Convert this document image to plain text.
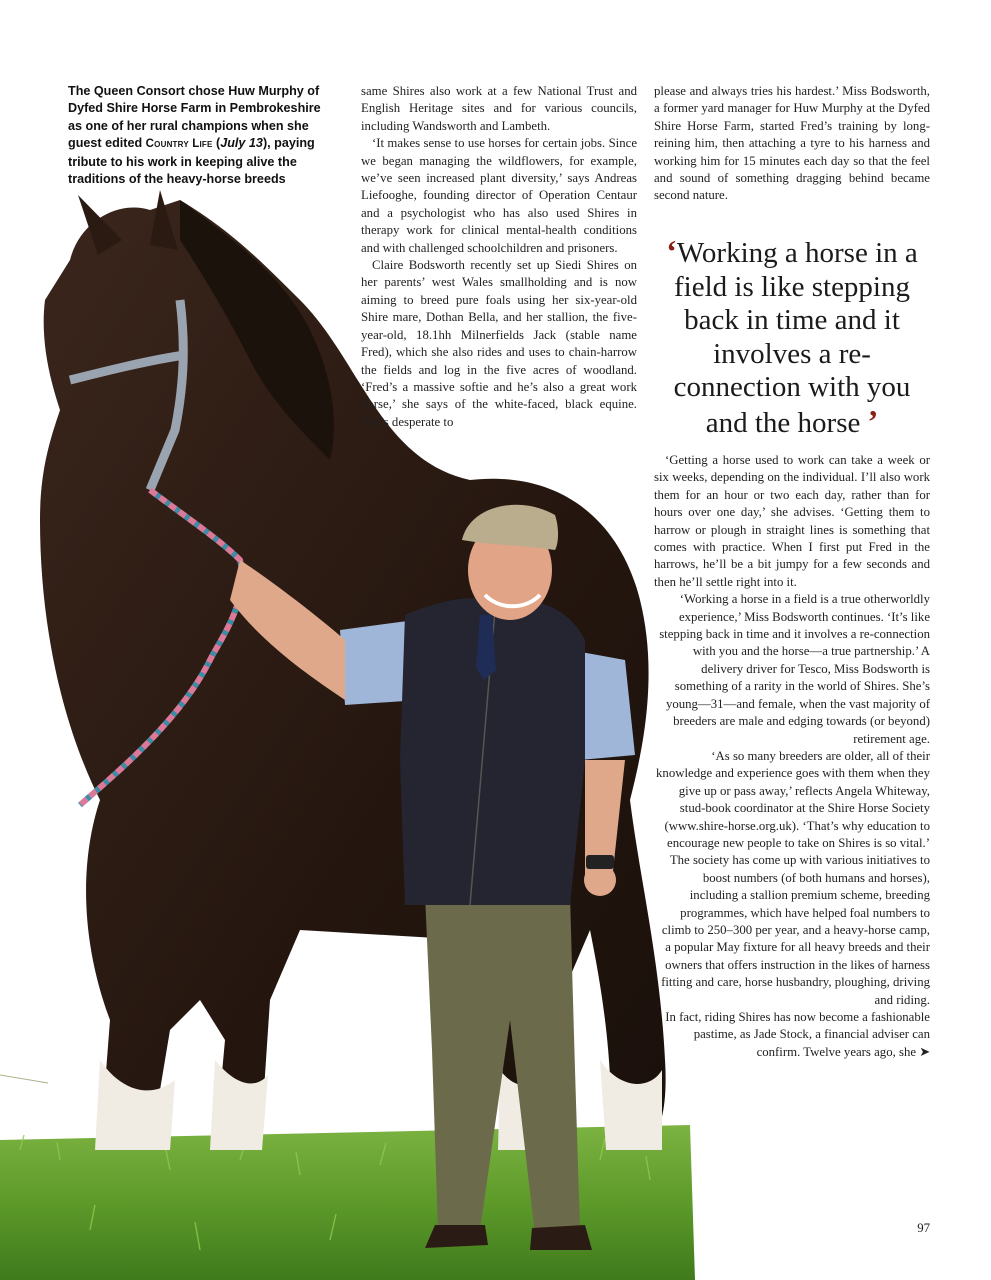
The Queen Consort chose Huw Murphy of Dyfed Shire Horse Farm in Pembrokeshire as one of her rural champions when she guest edited Country Life (July 13), paying tribute to his work in keeping alive the traditions of the heavy-horse breeds

same Shires also work at a few National Trust and English Heritage sites and for various councils, including Wandsworth and Lambeth.

‘It makes sense to use horses for certain jobs. Since we began managing the wildflowers, for example, we’ve seen increased plant diversity,’ says Andreas Liefooghe, founding director of Operation Centaur and a psychologist who has also used Shires in therapy work for clinical mental-health conditions and with challenged schoolchildren and prisoners.

Claire Bodsworth recently set up Siedi Shires on her parents’ west Wales smallholding and is now aiming to breed pure foals using her six-year-old Shire mare, Dothan Bella, and her stallion, the five-year-old, 18.1hh Milnerfields Jack (stable name Fred), which she also rides and uses to chain-harrow the fields and log in the five acres of woodland. ‘Fred’s a massive softie and he’s also a great work horse,’ she says of the white-faced, black equine. ‘He’s desperate to

please and always tries his hardest.’ Miss Bodsworth, a former yard manager for Huw Murphy at the Dyfed Shire Horse Farm, started Fred’s training by long-reining him, then attaching a tyre to his harness and working him for 15 minutes each day so that the feel and sound of something dragging behind became second nature.

‘Working a horse in a field is like stepping back in time and it involves a re-connection with you and the horse ’

‘Getting a horse used to work can take a week or six weeks, depending on the individual. I’ll also work them for an hour or two each day, rather than for hours over one day,’ she advises. ‘Getting them to harrow or plough in straight lines is something that comes with practice. When I first put Fred in the harrows, he’ll be a bit jumpy for a few seconds and then he’ll settle right into it.

‘Working a horse in a field is a true otherworldly experience,’ Miss Bodsworth continues. ‘It’s like stepping back in time and it involves a re-connection with you and the horse—a true partnership.’ A delivery driver for Tesco, Miss Bodsworth is something of a rarity in the world of Shires. She’s young—31—and female, when the vast majority of breeders are male and edging towards (or beyond) retirement age.

‘As so many breeders are older, all of their knowledge and experience goes with them when they give up or pass away,’ reflects Angela Whiteway, stud-book coordinator at the Shire Horse Society (www.shire-horse.org.uk). ‘That’s why education to encourage new people to take on Shires is so vital.’ The society has come up with various initiatives to boost numbers (of both humans and horses), including a stallion premium scheme, breeding programmes, which have helped foal numbers to climb to 250–300 per year, and a heavy-horse camp, a popular May fixture for all heavy breeds and their owners that offers instruction in the likes of harness fitting and care, horse husbandry, ploughing, driving and riding.

In fact, riding Shires has now become a fashionable pastime, as Jade Stock, a financial adviser can confirm. Twelve years ago, she ➤

97
